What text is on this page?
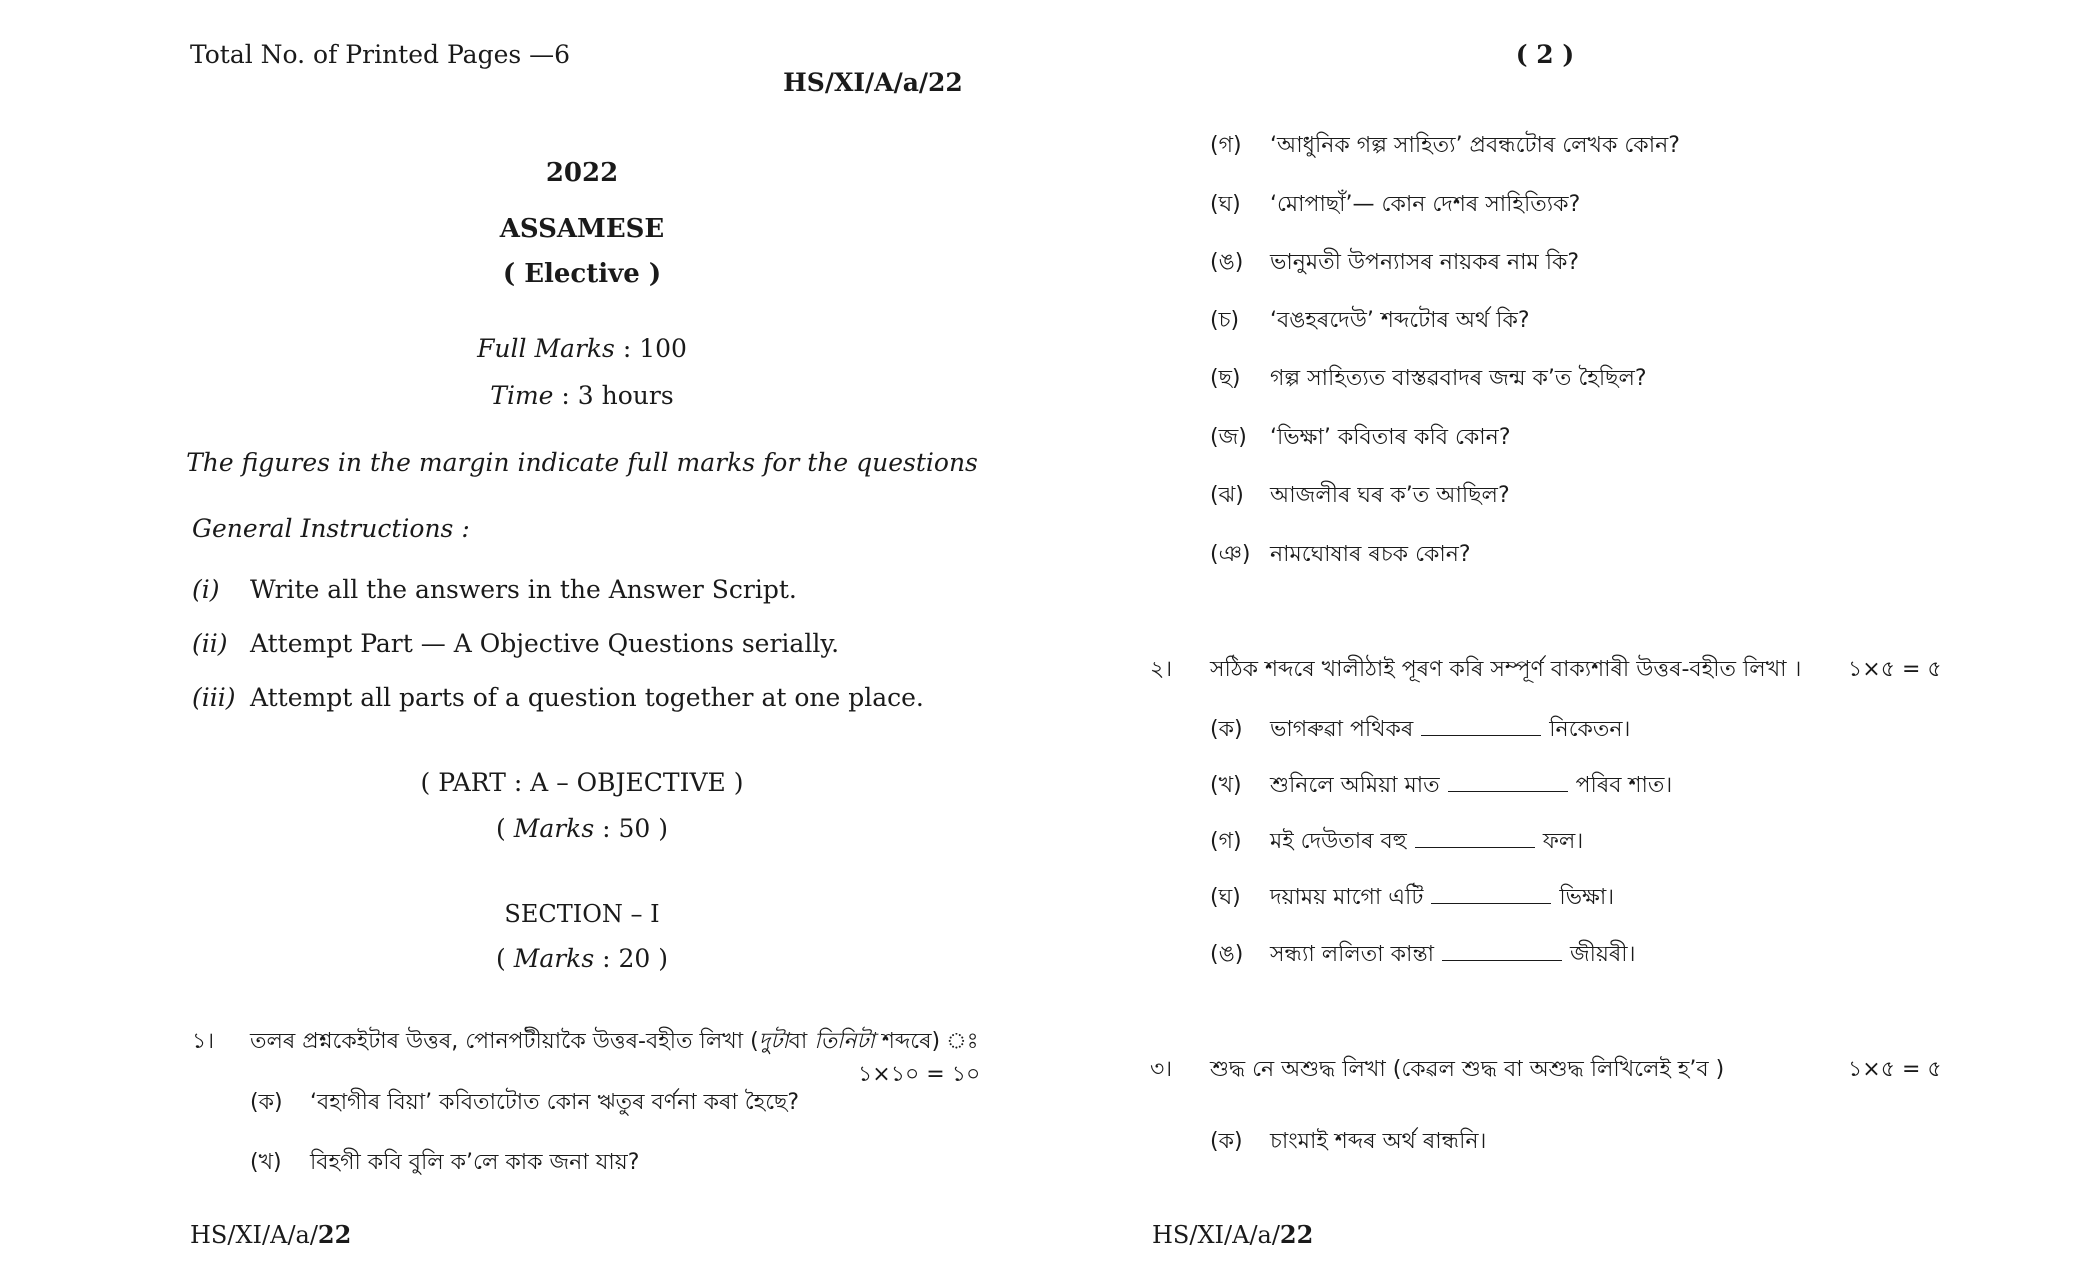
Total No. of Printed Pages —6
HS/XI/A/a/22
2022
ASSAMESE
( Elective )
Full Marks : 100
Time : 3 hours
The figures in the margin indicate full marks for the questions
General Instructions :
(i) Write all the answers in the Answer Script.
(ii) Attempt Part — A Objective Questions serially.
(iii) Attempt all parts of a question together at one place.
( PART : A – OBJECTIVE )
( Marks : 50 )
SECTION – I
( Marks : 20 )
১। তলৰ প্ৰশ্নকেইটাৰ উত্তৰ, পোনপটীয়াকৈ উত্তৰ-বহীত লিখা (দুটাবা তিনিটা শব্দৰে) ঃ
১×১০ = ১০
(ক) ‘বহাগীৰ বিয়া’ কবিতাটোত কোন ঋতুৰ বৰ্ণনা কৰা হৈছে?
(খ) বিহগী কবি বুলি ক’লে কাক জনা যায়?
HS/XI/A/a/22
( 2 )
(গ) ‘আধুনিক গল্প সাহিত্য’ প্ৰবন্ধটোৰ লেখক কোন?
(ঘ) ‘মোপাছাঁ’— কোন দেশৰ সাহিত্যিক?
(ঙ) ভানুমতী উপন্যাসৰ নায়কৰ নাম কি?
(চ) ‘বঙহৰদেউ’ শব্দটোৰ অৰ্থ কি?
(ছ) গল্প সাহিত্যত বাস্তৱবাদৰ জন্ম ক’ত হৈছিল?
(জ) ‘ভিক্ষা’ কবিতাৰ কবি কোন?
(ঝ) আজলীৰ ঘৰ ক’ত আছিল?
(ঞ) নামঘোষাৰ ৰচক কোন?
২। সঠিক শব্দৰে খালীঠাই পূৰণ কৰি সম্পূৰ্ণ বাক্যশাৰী উত্তৰ-বহীত লিখা । ১×৫ = ৫
(ক) ভাগৰুৱা পথিকৰ	নিকেতন।
(খ) শুনিলে অমিয়া মাত	পৰিব শাত।
(গ) মই দেউতাৰ বহু	ফল।
(ঘ) দয়াময় মাগো এটি	ভিক্ষা।
(ঙ) সন্ধ্যা ললিতা কান্তা	জীয়ৰী।
৩। শুদ্ধ নে অশুদ্ধ লিখা (কেৱল শুদ্ধ বা অশুদ্ধ লিখিলেই হ’ব )	১×৫ = ৫
(ক) চাংমাই শব্দৰ অৰ্থ ৰান্ধনি।
HS/XI/A/a/22
